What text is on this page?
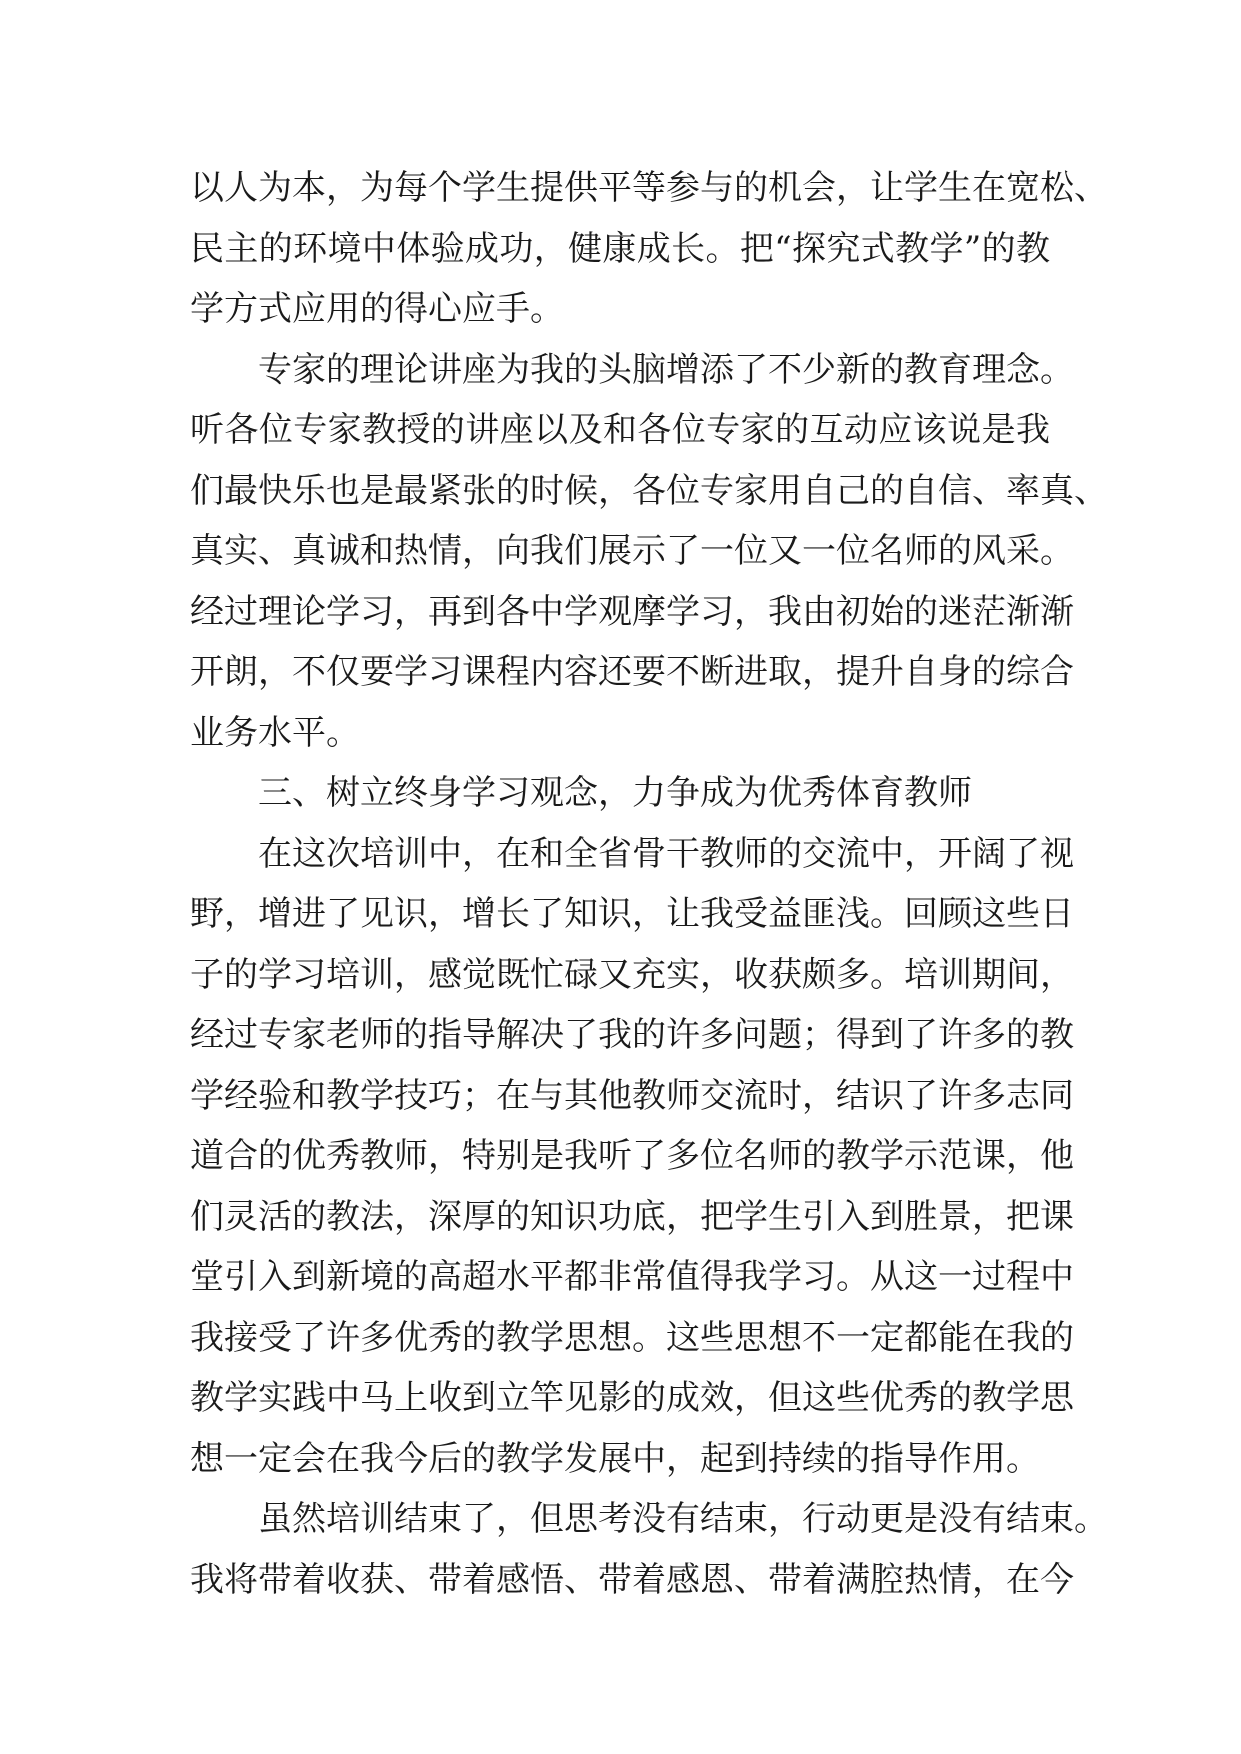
以人为本，为每个学生提供平等参与的机会，让学生在宽松、
民主的环境中体验成功，健康成长。把“探究式教学”的教
学方式应用的得心应手。
专家的理论讲座为我的头脑增添了不少新的教育理念。
听各位专家教授的讲座以及和各位专家的互动应该说是我
们最快乐也是最紧张的时候，各位专家用自己的自信、率真、
真实、真诚和热情，向我们展示了一位又一位名师的风采。
经过理论学习，再到各中学观摩学习，我由初始的迷茫渐渐
开朗，不仅要学习课程内容还要不断进取，提升自身的综合
业务水平。
三、树立终身学习观念，力争成为优秀体育教师
在这次培训中，在和全省骨干教师的交流中，开阔了视
野，增进了见识，增长了知识，让我受益匪浅。回顾这些日
子的学习培训，感觉既忙碌又充实，收获颇多。培训期间，
经过专家老师的指导解决了我的许多问题；得到了许多的教
学经验和教学技巧；在与其他教师交流时，结识了许多志同
道合的优秀教师，特别是我听了多位名师的教学示范课，他
们灵活的教法，深厚的知识功底，把学生引入到胜景，把课
堂引入到新境的高超水平都非常值得我学习。从这一过程中
我接受了许多优秀的教学思想。这些思想不一定都能在我的
教学实践中马上收到立竿见影的成效，但这些优秀的教学思
想一定会在我今后的教学发展中，起到持续的指导作用。
虽然培训结束了，但思考没有结束，行动更是没有结束。
我将带着收获、带着感悟、带着感恩、带着满腔热情，在今
